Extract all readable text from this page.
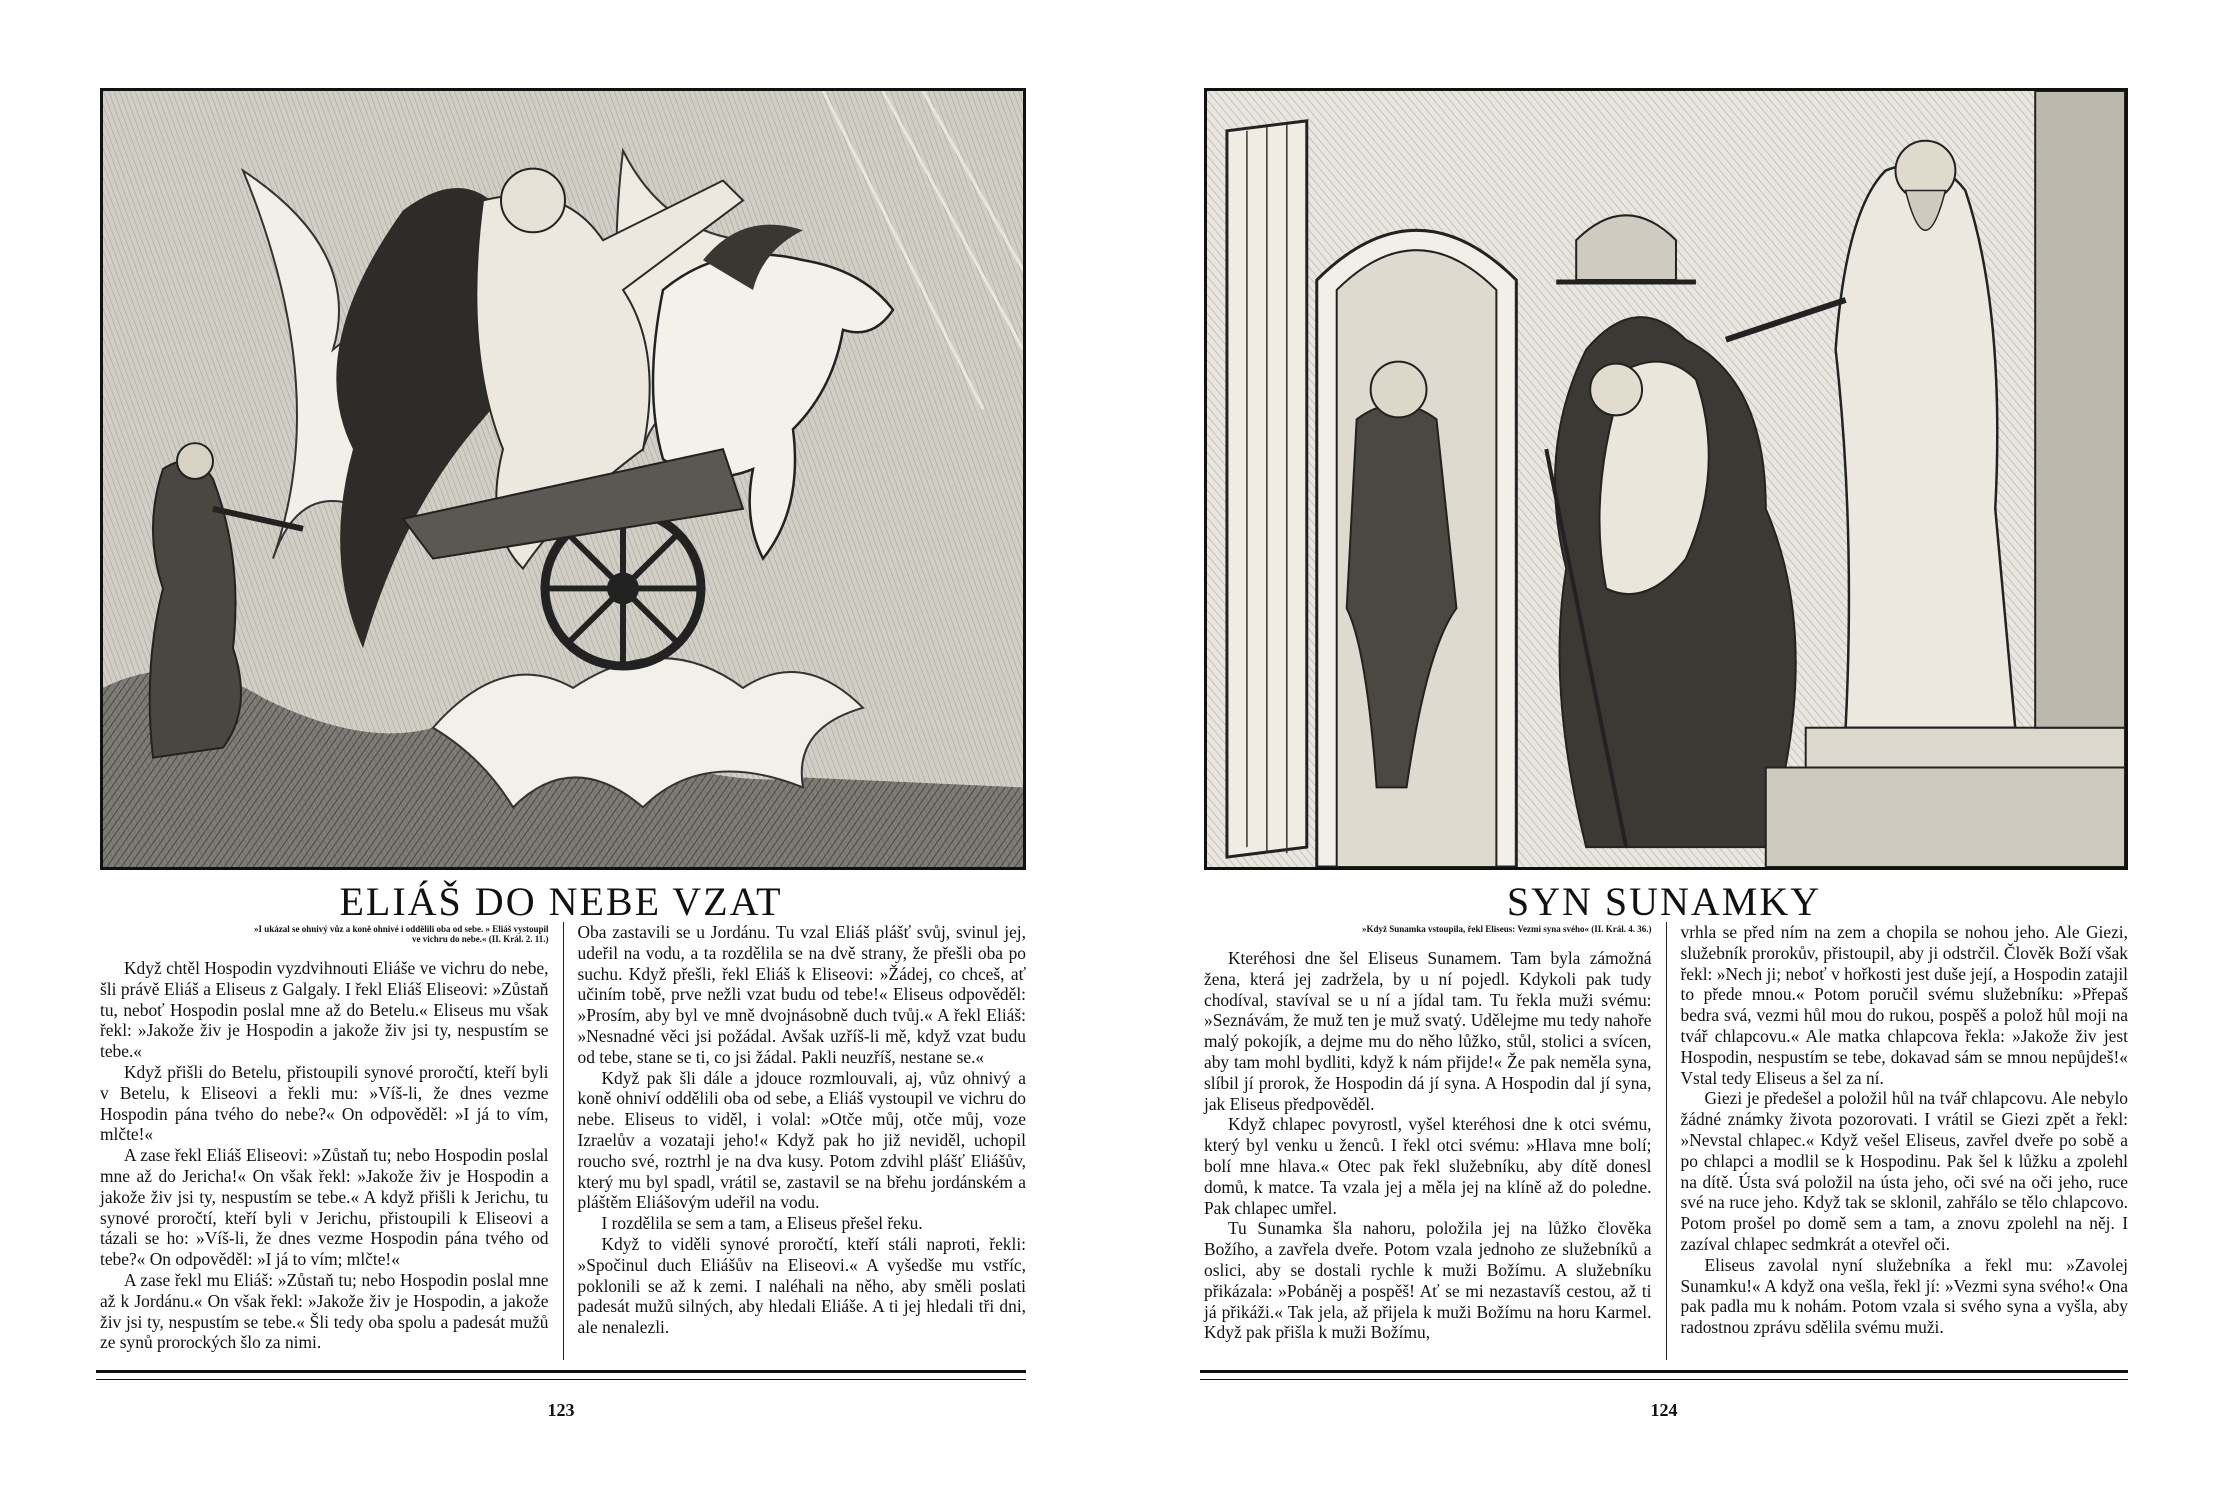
ELIÁŠ DO NEBE VZAT
»I ukázal se ohnivý vůz a koně ohnivé i oddělili oba od sebe. » Eliáš vystoupil ve vichru do nebe.« (II. Král. 2. 11.)

Když chtěl Hospodin vyzdvihnouti Eliáše ve vichru do nebe, šli právě Eliáš a Eliseus z Galgaly. I řekl Eliáš Eliseovi: »Zůstaň tu, neboť Hospodin poslal mne až do Betelu.« Eliseus mu však řekl: »Jakože živ je Hospodin a jakože živ jsi ty, nespustím se tebe.«

Když přišli do Betelu, přistoupili synové proročtí, kteří byli v Betelu, k Eliseovi a řekli mu: »Víš-li, že dnes vezme Hospodin pána tvého do nebe?« On odpověděl: »I já to vím, mlčte!«

A zase řekl Eliáš Eliseovi: »Zůstaň tu; nebo Hospodin poslal mne až do Jericha!« On však řekl: »Jakože živ je Hospodin a jakože živ jsi ty, nespustím se tebe.« A když přišli k Jerichu, tu synové proročtí, kteří byli v Jerichu, přistoupili k Eliseovi a tázali se ho: »Víš-li, že dnes vezme Hospodin pána tvého od tebe?« On odpověděl: »I já to vím; mlčte!«

A zase řekl mu Eliáš: »Zůstaň tu; nebo Hospodin poslal mne až k Jordánu.« On však řekl: »Jakože živ je Hospodin, a jakože živ jsi ty, nespustím se tebe.« Šli tedy oba spolu a padesát mužů ze synů prorockých šlo za nimi.

Oba zastavili se u Jordánu. Tu vzal Eliáš plášť svůj, svinul jej, udeřil na vodu, a ta rozdělila se na dvě strany, že přešli oba po suchu. Když přešli, řekl Eliáš k Eliseovi: »Žádej, co chceš, ať učiním tobě, prve nežli vzat budu od tebe!« Eliseus odpověděl: »Prosím, aby byl ve mně dvojnásobně duch tvůj.« A řekl Eliáš: »Nesnadné věci jsi požádal. Avšak uzříš-li mě, když vzat budu od tebe, stane se ti, co jsi žádal. Pakli neuzříš, nestane se.«

Když pak šli dále a jdouce rozmlouvali, aj, vůz ohnivý a koně ohniví oddělili oba od sebe, a Eliáš vystoupil ve vichru do nebe. Eliseus to viděl, i volal: »Otče můj, otče můj, voze Izraelův a vozataji jeho!« Když pak ho již neviděl, uchopil roucho své, roztrhl je na dva kusy. Potom zdvihl plášť Eliášův, který mu byl spadl, vrátil se, zastavil se na břehu jordánském a pláštěm Eliášovým udeřil na vodu.

I rozdělila se sem a tam, a Eliseus přešel řeku.

Když to viděli synové proročtí, kteří stáli naproti, řekli: »Spočinul duch Eliášův na Eliseovi.« A vyšedše mu vstříc, poklonili se až k zemi. I naléhali na něho, aby směli poslati padesát mužů silných, aby hledali Eliáše. A ti jej hledali tři dni, ale nenalezli.

123
SYN SUNAMKY
»Když Sunamka vstoupila, řekl Eliseus: Vezmi syna svého« (II. Král. 4. 36.)

Kteréhosi dne šel Eliseus Sunamem. Tam byla zámožná žena, která jej zadržela, by u ní pojedl. Kdykoli pak tudy chodíval, stavíval se u ní a jídal tam. Tu řekla muži svému: »Seznávám, že muž ten je muž svatý. Udělejme mu tedy nahoře malý pokojík, a dejme mu do něho lůžko, stůl, stolici a svícen, aby tam mohl bydliti, když k nám přijde!« Že pak neměla syna, slíbil jí prorok, že Hospodin dá jí syna. A Hospodin dal jí syna, jak Eliseus předpověděl.

Když chlapec povyrostl, vyšel kteréhosi dne k otci svému, který byl venku u ženců. I řekl otci svému: »Hlava mne bolí; bolí mne hlava.« Otec pak řekl služebníku, aby dítě donesl domů, k matce. Ta vzala jej a měla jej na klíně až do poledne. Pak chlapec umřel.

Tu Sunamka šla nahoru, položila jej na lůžko člověka Božího, a zavřela dveře. Potom vzala jednoho ze služebníků a oslici, aby se dostali rychle k muži Božímu. A služebníku přikázala: »Pobáněj a pospěš! Ať se mi nezastavíš cestou, až ti já přikáži.« Tak jela, až přijela k muži Božímu na horu Karmel. Když pak přišla k muži Božímu,

vrhla se před ním na zem a chopila se nohou jeho. Ale Giezi, služebník prorokův, přistoupil, aby ji odstrčil. Člověk Boží však řekl: »Nech ji; neboť v hořkosti jest duše její, a Hospodin zatajil to přede mnou.« Potom poručil svému služebníku: »Přepaš bedra svá, vezmi hůl mou do rukou, pospěš a polož hůl moji na tvář chlapcovu.« Ale matka chlapcova řekla: »Jakože živ jest Hospodin, nespustím se tebe, dokavad sám se mnou nepůjdeš!« Vstal tedy Eliseus a šel za ní.

Giezi je předešel a položil hůl na tvář chlapcovu. Ale nebylo žádné známky života pozorovati. I vrátil se Giezi zpět a řekl: »Nevstal chlapec.« Když vešel Eliseus, zavřel dveře po sobě a po chlapci a modlil se k Hospodinu. Pak šel k lůžku a zpolehl na dítě. Ústa svá položil na ústa jeho, oči své na oči jeho, ruce své na ruce jeho. Když tak se sklonil, zahřálo se tělo chlapcovo. Potom prošel po domě sem a tam, a znovu zpolehl na něj. I zazíval chlapec sedmkrát a otevřel oči.

Eliseus zavolal nyní služebníka a řekl mu: »Zavolej Sunamku!« A když ona vešla, řekl jí: »Vezmi syna svého!« Ona pak padla mu k nohám. Potom vzala si svého syna a vyšla, aby radostnou zprávu sdělila svému muži.

124
